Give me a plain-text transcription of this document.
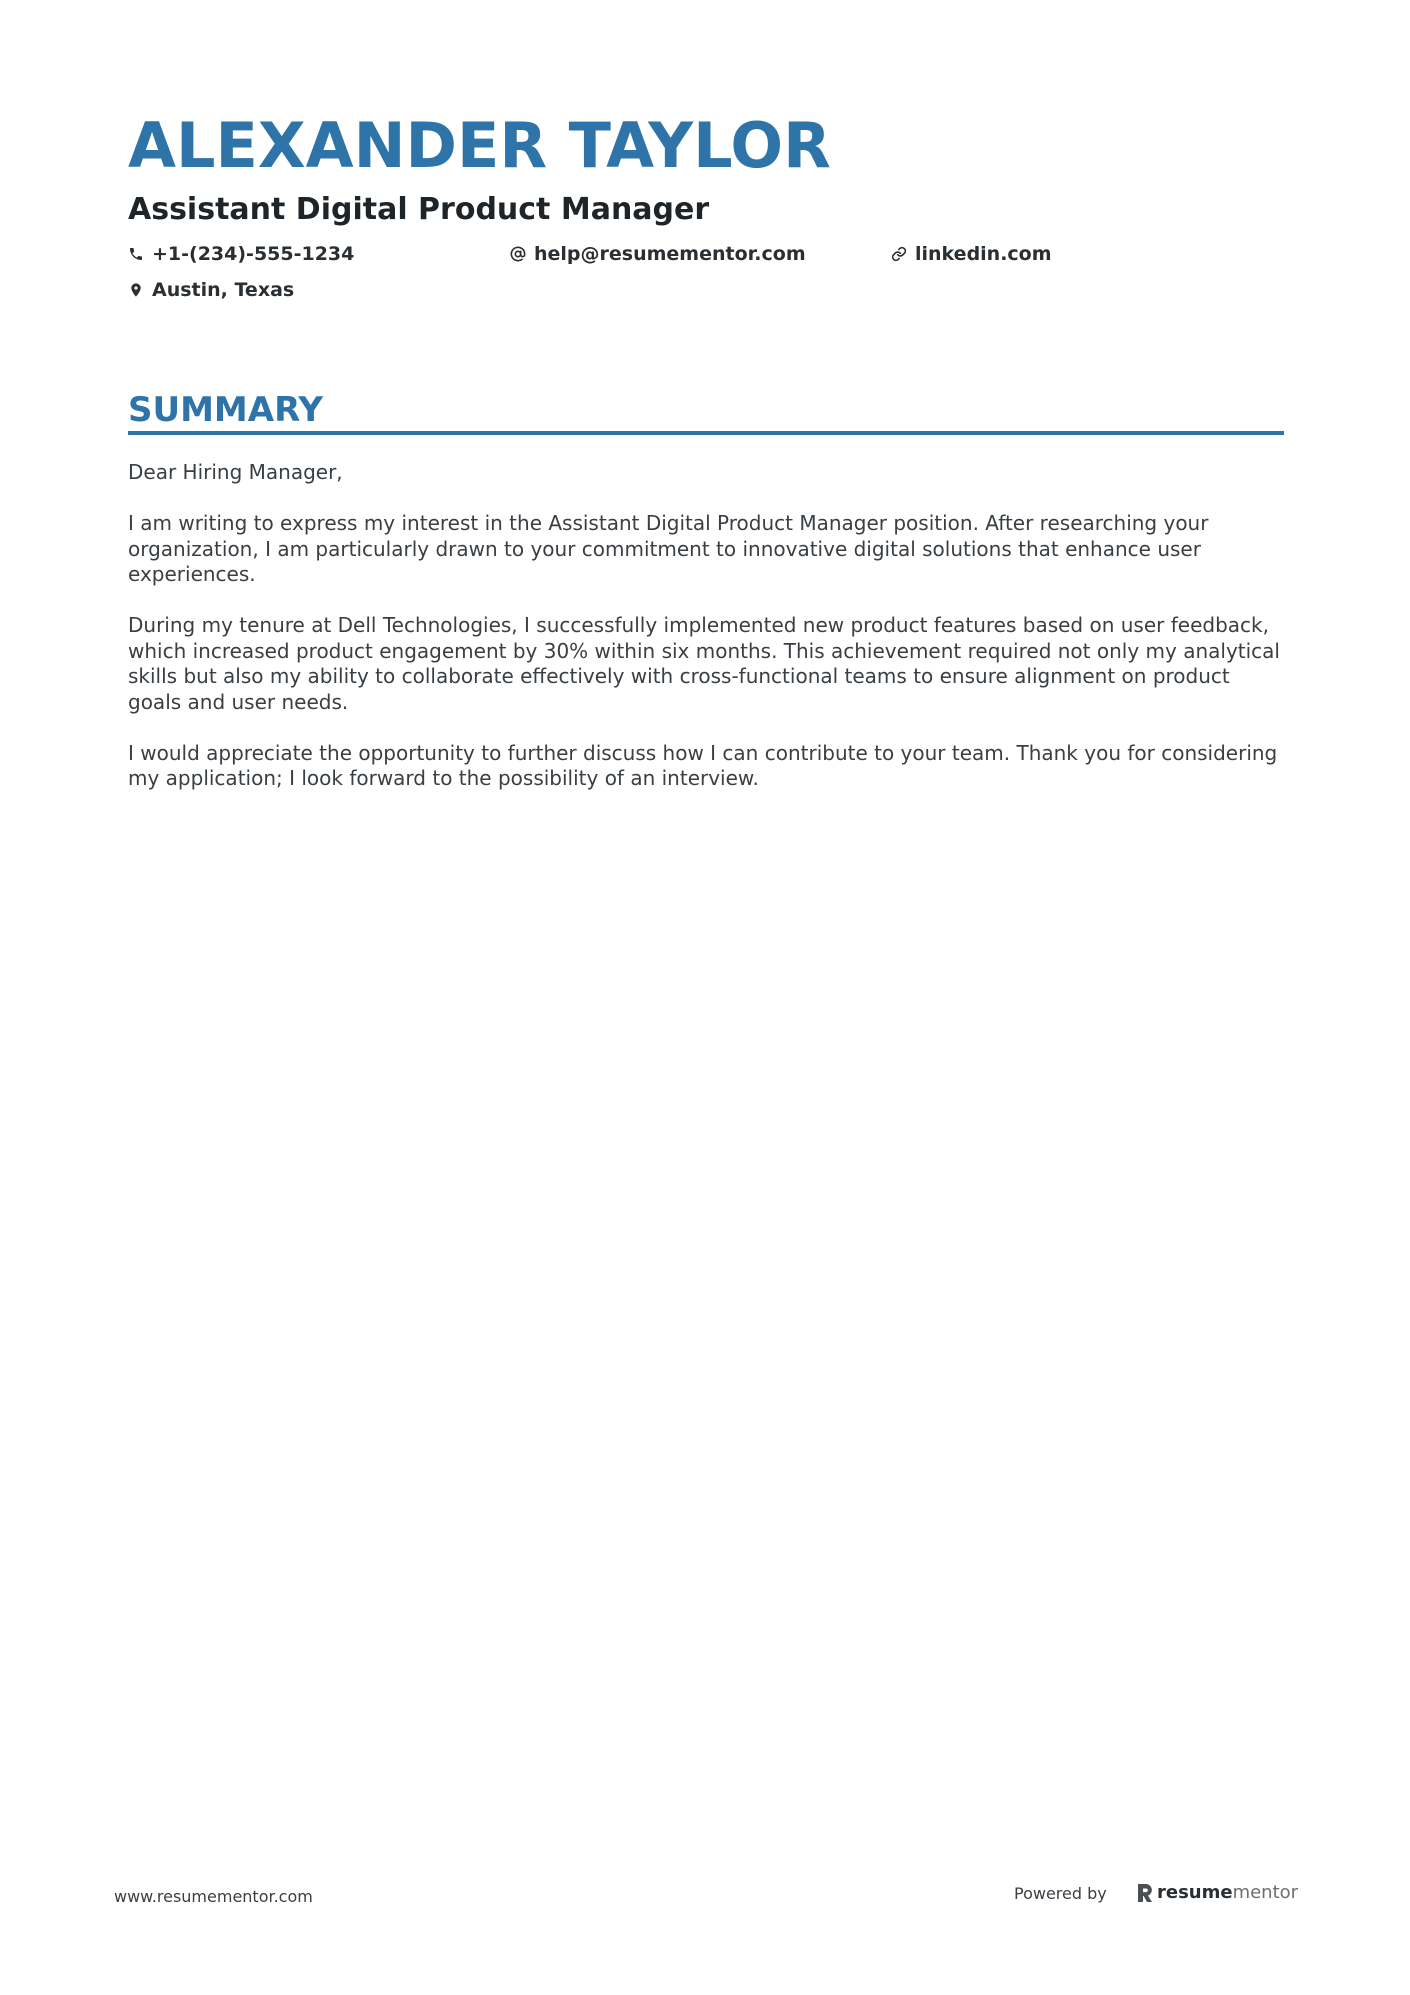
ALEXANDER TAYLOR
Assistant Digital Product Manager
+1-(234)-555-1234	help@resumementor.com	linkedin.com
Austin, Texas
SUMMARY

Dear Hiring Manager,

I am writing to express my interest in the Assistant Digital Product Manager position. After researching your organization, I am particularly drawn to your commitment to innovative digital solutions that enhance user experiences.

During my tenure at Dell Technologies, I successfully implemented new product features based on user feedback, which increased product engagement by 30% within six months. This achievement required not only my analytical skills but also my ability to collaborate effectively with cross-functional teams to ensure alignment on product goals and user needs.

I would appreciate the opportunity to further discuss how I can contribute to your team. Thank you for considering my application; I look forward to the possibility of an interview.

www.resumementor.com	Powered by	resume mentor
